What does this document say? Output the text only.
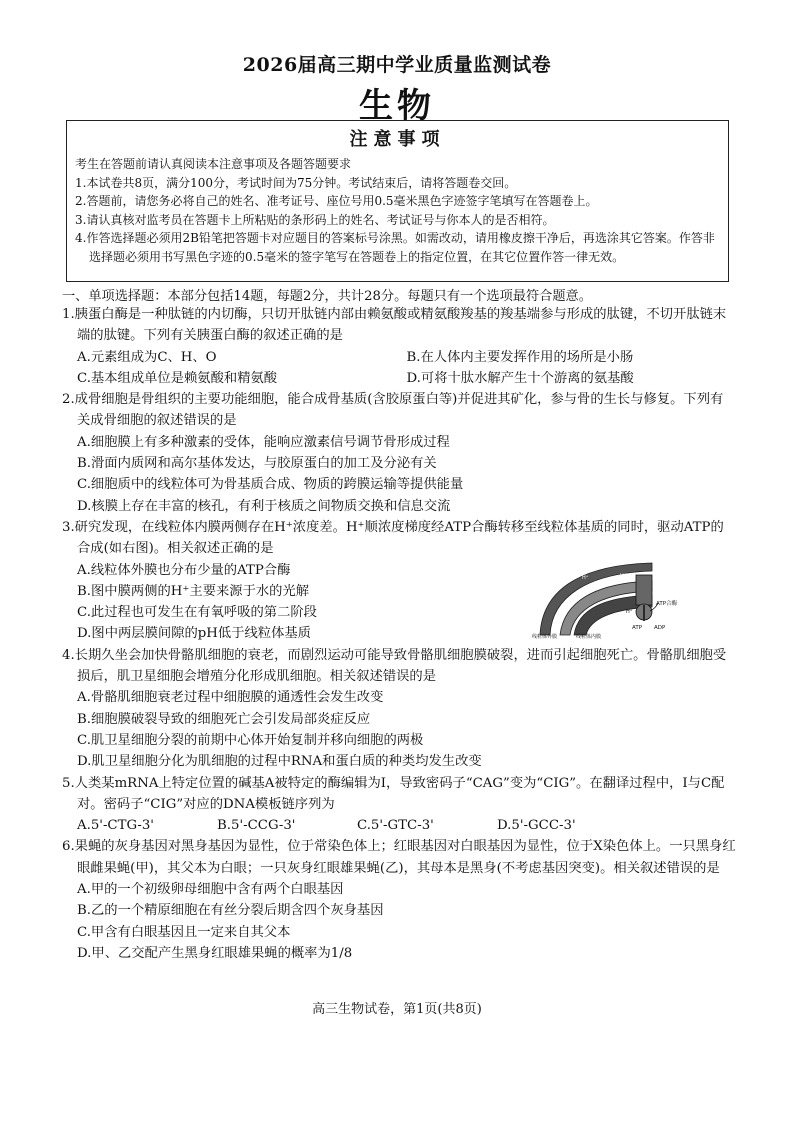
2026届高三期中学业质量监测试卷
生物

注意事项

考生在答题前请认真阅读本注意事项及各题答题要求

1.本试卷共8页，满分100分，考试时间为75分钟。考试结束后，请将答题卷交回。

2.答题前，请您务必将自己的姓名、准考证号、座位号用0.5毫米黑色字迹签字笔填写在答题卷上。

3.请认真核对监考员在答题卡上所粘贴的条形码上的姓名、考试证号与你本人的是否相符。

4.作答选择题必须用2B铅笔把答题卡对应题目的答案标号涂黑。如需改动，请用橡皮擦干净后，再选涂其它答案。作答非选择题必须用书写黑色字迹的0.5毫米的签字笔写在答题卷上的指定位置，在其它位置作答一律无效。

一、单项选择题：本部分包括14题，每题2分，共计28分。每题只有一个选项最符合题意。
1.胰蛋白酶是一种肽链的内切酶，只切开肽链内部由赖氨酸或精氨酸羧基的羧基端参与形成的肽键，不切开肽链末端的肽键。下列有关胰蛋白酶的叙述正确的是
A.元素组成为C、H、O	B.在人体内主要发挥作用的场所是小肠
C.基本组成单位是赖氨酸和精氨酸	D.可将十肽水解产生十个游离的氨基酸
2.成骨细胞是骨组织的主要功能细胞，能合成骨基质(含胶原蛋白等)并促进其矿化，参与骨的生长与修复。下列有关成骨细胞的叙述错误的是
A.细胞膜上有多种激素的受体，能响应激素信号调节骨形成过程
B.滑面内质网和高尔基体发达，与胶原蛋白的加工及分泌有关
C.细胞质中的线粒体可为骨基质合成、物质的跨膜运输等提供能量
D.核膜上存在丰富的核孔，有利于核质之间物质交换和信息交流
3.研究发现，在线粒体内膜两侧存在H⁺浓度差。H⁺顺浓度梯度经ATP合酶转移至线粒体基质的同时，驱动ATP的合成(如右图)。相关叙述正确的是
A.线粒体外膜也分布少量的ATP合酶
B.图中膜两侧的H⁺主要来源于水的光解
C.此过程也可发生在有氧呼吸的第二阶段
D.图中两层膜间隙的pH低于线粒体基质
H⁺
H⁺
H⁺
H⁺
H⁺
ATP合酶
ATP ADP
线粒体外膜	线粒体内膜
4.长期久坐会加快骨骼肌细胞的衰老，而剧烈运动可能导致骨骼肌细胞膜破裂，进而引起细胞死亡。骨骼肌细胞受损后，肌卫星细胞会增殖分化形成肌细胞。相关叙述错误的是
A.骨骼肌细胞衰老过程中细胞膜的通透性会发生改变
B.细胞膜破裂导致的细胞死亡会引发局部炎症反应
C.肌卫星细胞分裂的前期中心体开始复制并移向细胞的两极
D.肌卫星细胞分化为肌细胞的过程中RNA和蛋白质的种类均发生改变
5.人类某mRNA上特定位置的碱基A被特定的酶编辑为I，导致密码子“CAG”变为“CIG”。在翻译过程中，I与C配对。密码子“CIG”对应的DNA模板链序列为
A.5'-CTG-3'	B.5'-CCG-3'	C.5'-GTC-3'	D.5'-GCC-3'
6.果蝇的灰身基因对黑身基因为显性，位于常染色体上；红眼基因对白眼基因为显性，位于X染色体上。一只黑身红眼雌果蝇(甲)，其父本为白眼；一只灰身红眼雄果蝇(乙)，其母本是黑身(不考虑基因突变)。相关叙述错误的是
A.甲的一个初级卵母细胞中含有两个白眼基因
B.乙的一个精原细胞在有丝分裂后期含四个灰身基因
C.甲含有白眼基因且一定来自其父本
D.甲、乙交配产生黑身红眼雄果蝇的概率为1/8
高三生物试卷，第1页(共8页)
